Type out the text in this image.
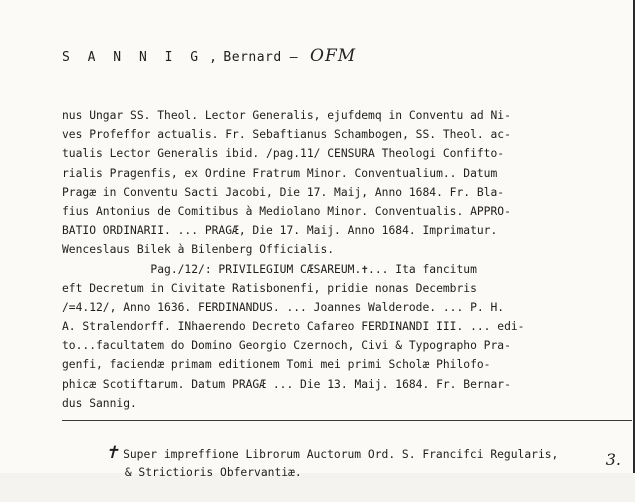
S A N N I G , Bernard — OFM
nus Ungar SS. Theol. Lector Generalis, ejufdemq in Conventu ad Ni-
ves Profeffor actualis. Fr. Sebaftianus Schambogen, SS. Theol. ac-
tualis Lector Generalis ibid. /pag.11/ CENSURA Theologi Confifto-
rialis Pragenfis, ex Ordine Fratrum Minor. Conventualium.. Datum
Pragæ in Conventu Sacti Jacobi, Die 17. Maij, Anno 1684. Fr. Bla-
fius Antonius de Comitibus à Mediolano Minor. Conventualis. APPRO-
BATIO ORDINARII. ... PRAGÆ, Die 17. Maij. Anno 1684. Imprimatur.
Wenceslaus Bilek à Bilenberg Officialis.
Pag./12/: PRIVILEGIUM CÆSAREUM.✝... Ita fancitum
eft Decretum in Civitate Ratisbonenfi, pridie nonas Decembris
/=4.12/, Anno 1636. FERDINANDUS. ... Joannes Walderode. ... P. H.
A. Stralendorff. INhaerendo Decreto Cafareo FERDINANDI III. ... edi-
to...facultatem do Domino Georgio Czernoch, Civi & Typographo Pra-
genfi, faciendæ primam editionem Tomi mei primi Scholæ Philofo-
phicæ Scotiftarum. Datum PRAGÆ ... Die 13. Maij. 1684. Fr. Bernar-
dus Sannig.

✝ Super impreffione Librorum Auctorum Ord. S. Francifci Regularis,

& Strictioris Obfervantiæ.

3.
